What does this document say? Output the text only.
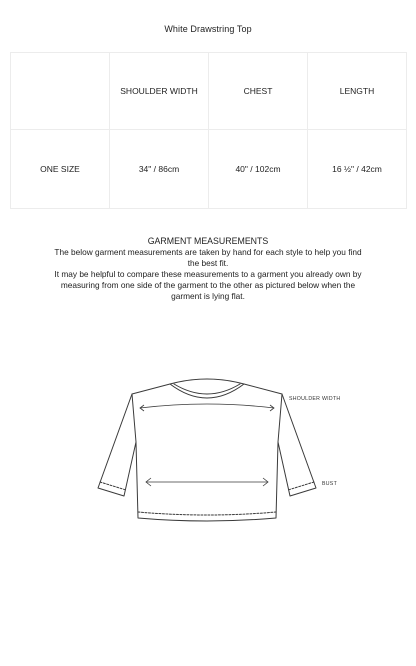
White Drawstring Top
	SHOULDER WIDTH	CHEST	LENGTH
ONE SIZE	34" / 86cm	40" / 102cm	16 ½" / 42cm
GARMENT MEASUREMENTS

The below garment measurements are taken by hand for each style to help you find the best fit.

It may be helpful to compare these measurements to a garment you already own by measuring from one side of the garment to the other as pictured below when the garment is lying flat.

SHOULDER WIDTH
BUST
